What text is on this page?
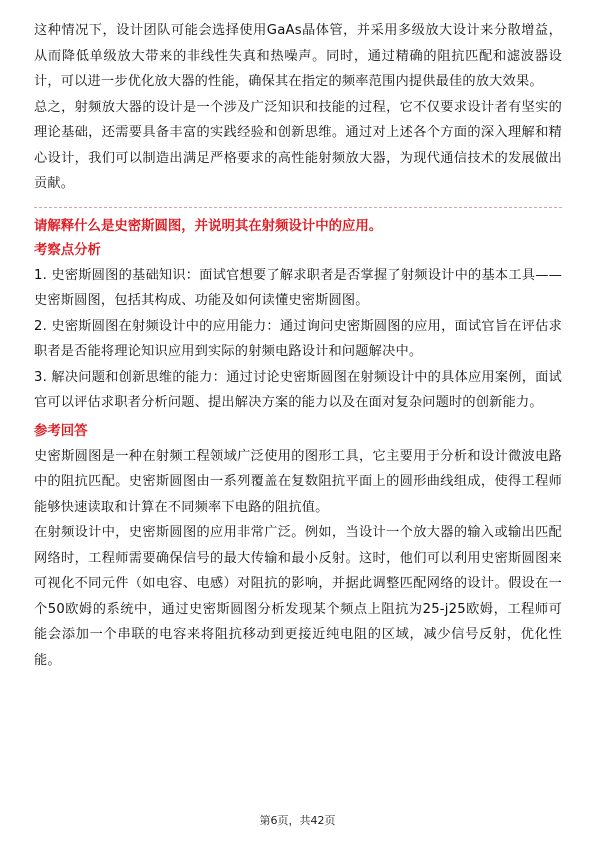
这种情况下，设计团队可能会选择使用GaAs晶体管，并采用多级放大设计来分散增益，从而降低单级放大带来的非线性失真和热噪声。同时，通过精确的阻抗匹配和滤波器设计，可以进一步优化放大器的性能，确保其在指定的频率范围内提供最佳的放大效果。

总之，射频放大器的设计是一个涉及广泛知识和技能的过程，它不仅要求设计者有坚实的理论基础，还需要具备丰富的实践经验和创新思维。通过对上述各个方面的深入理解和精心设计，我们可以制造出满足严格要求的高性能射频放大器，为现代通信技术的发展做出贡献。

请解释什么是史密斯圆图，并说明其在射频设计中的应用。

考察点分析

1. 史密斯圆图的基础知识：面试官想要了解求职者是否掌握了射频设计中的基本工具——史密斯圆图，包括其构成、功能及如何读懂史密斯圆图。

2. 史密斯圆图在射频设计中的应用能力：通过询问史密斯圆图的应用，面试官旨在评估求职者是否能将理论知识应用到实际的射频电路设计和问题解决中。

3. 解决问题和创新思维的能力：通过讨论史密斯圆图在射频设计中的具体应用案例，面试官可以评估求职者分析问题、提出解决方案的能力以及在面对复杂问题时的创新能力。

参考回答

史密斯圆图是一种在射频工程领域广泛使用的图形工具，它主要用于分析和设计微波电路中的阻抗匹配。史密斯圆图由一系列覆盖在复数阻抗平面上的圆形曲线组成，使得工程师能够快速读取和计算在不同频率下电路的阻抗值。

在射频设计中，史密斯圆图的应用非常广泛。例如，当设计一个放大器的输入或输出匹配网络时，工程师需要确保信号的最大传输和最小反射。这时，他们可以利用史密斯圆图来可视化不同元件（如电容、电感）对阻抗的影响，并据此调整匹配网络的设计。假设在一个50欧姆的系统中，通过史密斯圆图分析发现某个频点上阻抗为25-j25欧姆，工程师可能会添加一个串联的电容来将阻抗移动到更接近纯电阻的区域，减少信号反射，优化性能。

第6页，共42页
